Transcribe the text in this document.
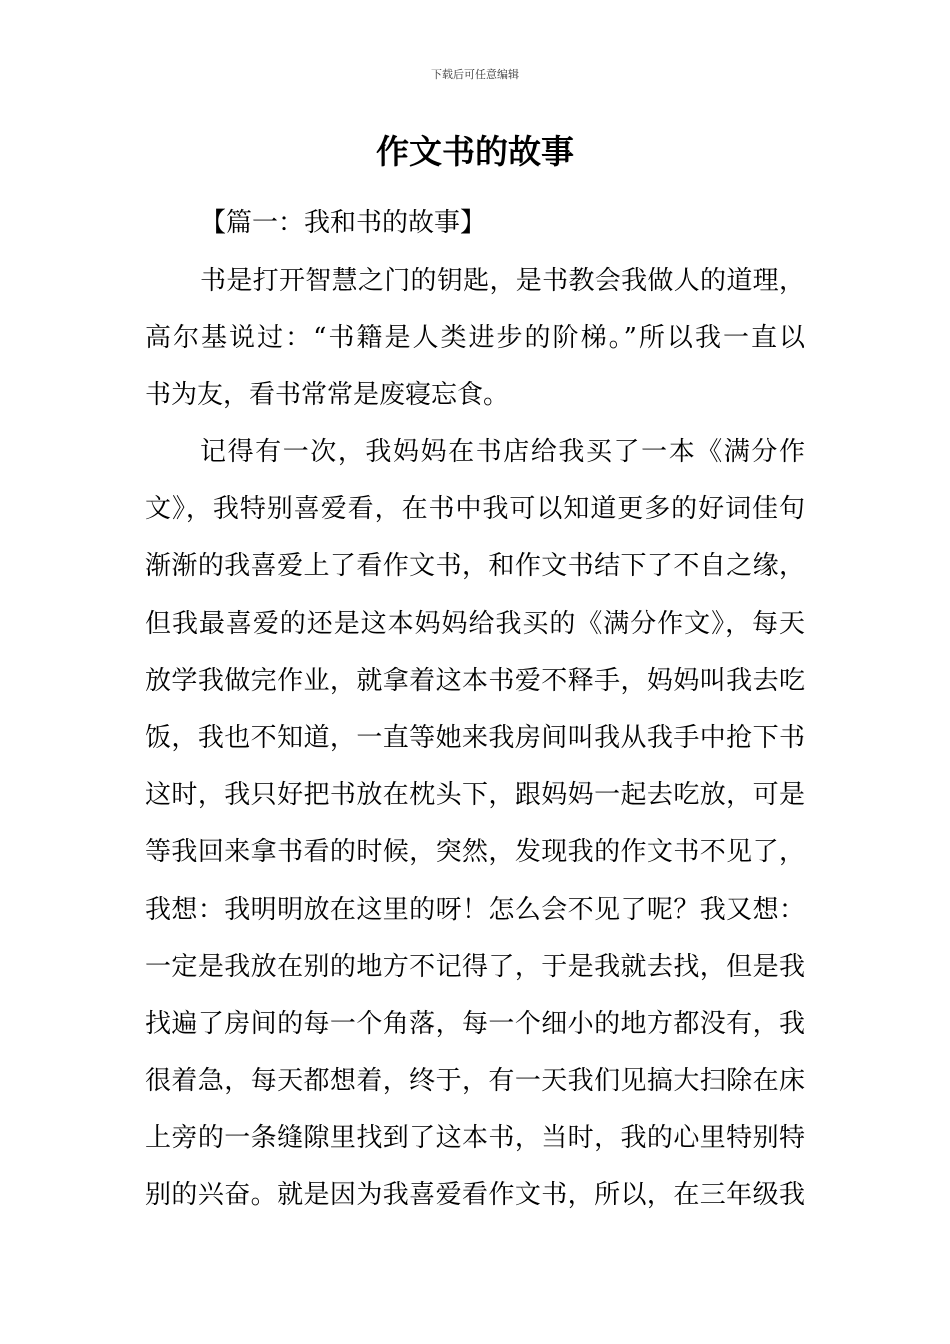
下载后可任意编辑
作文书的故事

【篇一：我和书的故事】

书是打开智慧之门的钥匙，是书教会我做人的道理，

高尔基说过：“书籍是人类进步的阶梯。”所以我一直以

书为友，看书常常是废寝忘食。

记得有一次，我妈妈在书店给我买了一本《满分作

文》，我特别喜爱看，在书中我可以知道更多的好词佳句

渐渐的我喜爱上了看作文书，和作文书结下了不自之缘，

但我最喜爱的还是这本妈妈给我买的《满分作文》，每天

放学我做完作业，就拿着这本书爱不释手，妈妈叫我去吃

饭，我也不知道，一直等她来我房间叫我从我手中抢下书

这时，我只好把书放在枕头下，跟妈妈一起去吃放，可是

等我回来拿书看的时候，突然，发现我的作文书不见了，

我想：我明明放在这里的呀！怎么会不见了呢？我又想：

一定是我放在别的地方不记得了，于是我就去找，但是我

找遍了房间的每一个角落，每一个细小的地方都没有，我

很着急，每天都想着，终于，有一天我们见搞大扫除在床

上旁的一条缝隙里找到了这本书，当时，我的心里特别特

别的兴奋。就是因为我喜爱看作文书，所以，在三年级我
